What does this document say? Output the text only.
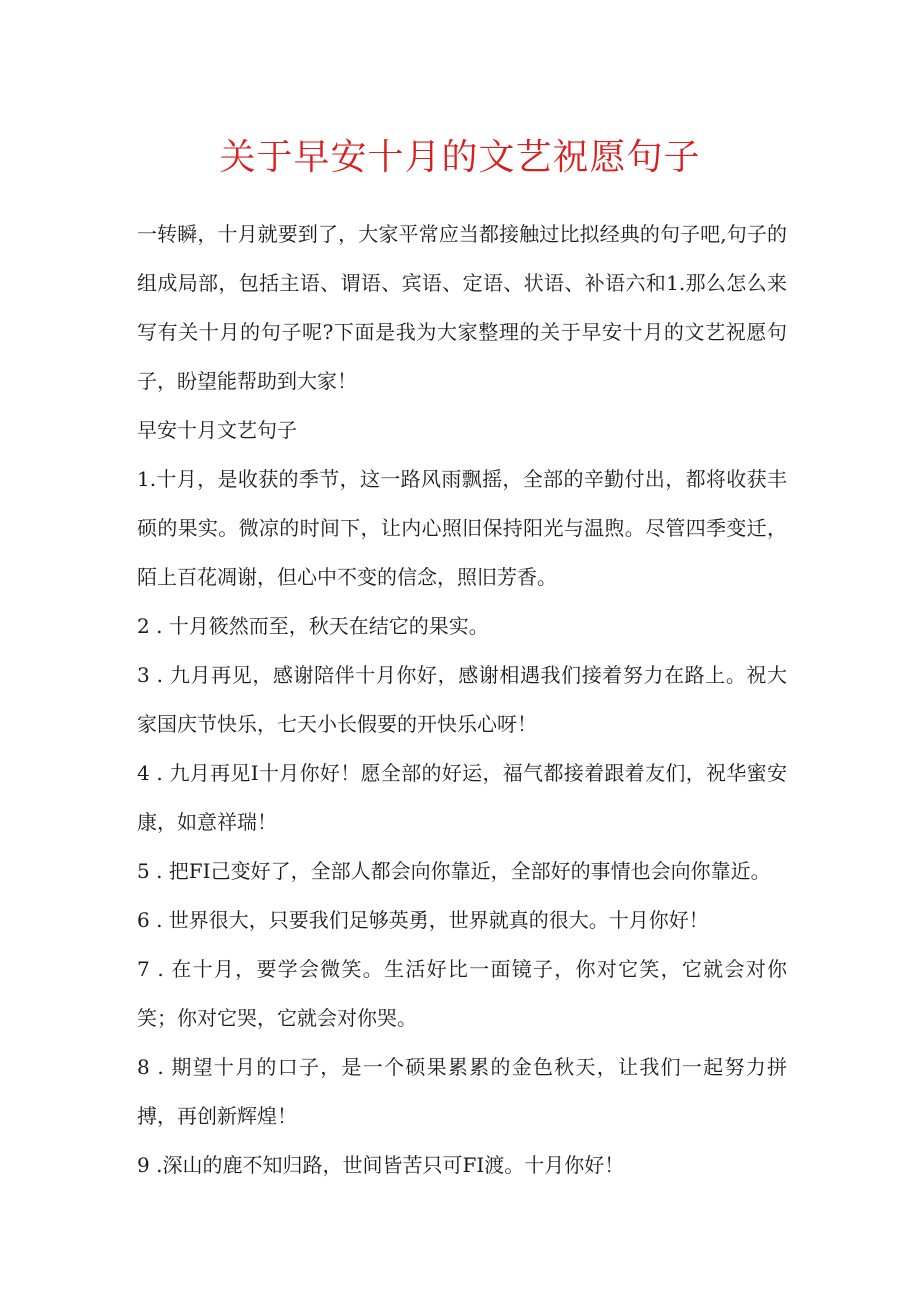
关于早安十月的文艺祝愿句子

一转瞬，十月就要到了，大家平常应当都接触过比拟经典的句子吧,句子的组成局部，包括主语、谓语、宾语、定语、状语、补语六和1.那么怎么来写有关十月的句子呢?下面是我为大家整理的关于早安十月的文艺祝愿句子，盼望能帮助到大家！

早安十月文艺句子

1.十月，是收获的季节，这一路风雨飘摇，全部的辛勤付出，都将收获丰硕的果实。微凉的时间下，让内心照旧保持阳光与温煦。尽管四季变迁，陌上百花凋谢，但心中不变的信念，照旧芳香。

2 . 十月筱然而至，秋天在结它的果实。

3 . 九月再见，感谢陪伴十月你好，感谢相遇我们接着努力在路上。祝大家国庆节快乐，七天小长假要的开快乐心呀！

4 . 九月再见I十月你好！愿全部的好运，福气都接着跟着友们，祝华蜜安康，如意祥瑞！

5 . 把FI己变好了，全部人都会向你靠近，全部好的事情也会向你靠近。

6 . 世界很大，只要我们足够英勇，世界就真的很大。十月你好！

7 . 在十月，要学会微笑。生活好比一面镜子，你对它笑，它就会对你笑；你对它哭，它就会对你哭。

8 . 期望十月的口子，是一个硕果累累的金色秋天，让我们一起努力拼搏，再创新辉煌！

9 .深山的鹿不知归路，世间皆苦只可FI渡。十月你好！
